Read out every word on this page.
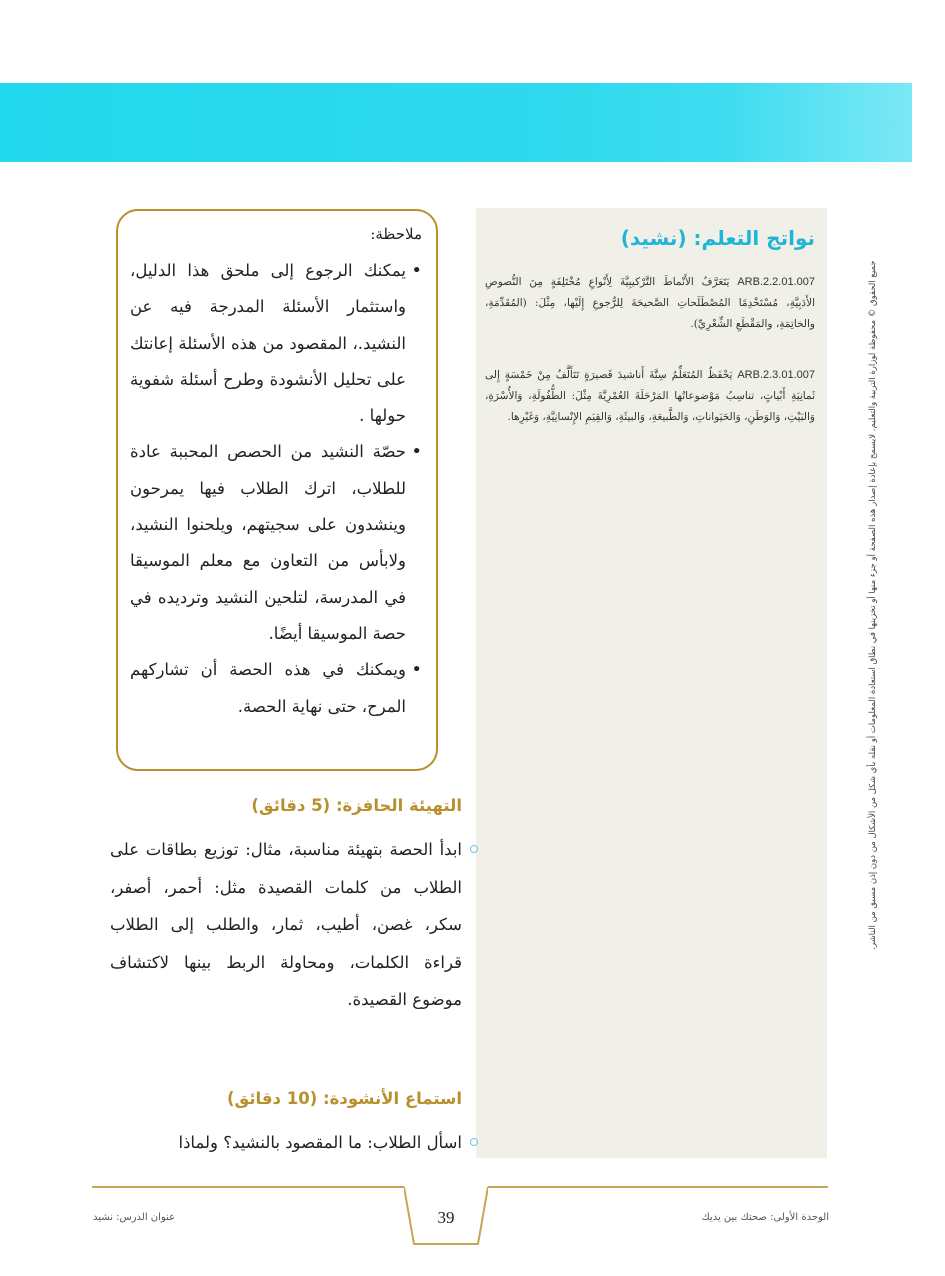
نواتج التعلم: (نشيد)
ARB.2.2.01.007 يَتَعَرَّفُ الأَنْماطَ التَّرْكيبِيَّةَ لِأَنْواعِ مُخْتَلِفَةٍ مِنَ النُّصوصِ الأَدَبِيَّةِ، مُسْتَخْدِمًا المُصْطَلَحاتِ الصَّحيحَةَ لِلرُّجوعِ إِلَيْها، مِثْلَ: (المُقَدِّمَةِ، والخاتِمَةِ، والمَقْطَعِ الشِّعْرِيِّ).
ARB.2.3.01.007 يَحْفَظُ المُتَعَلِّمُ سِتَّةَ أَناشيدَ قَصيرَةٍ تَتَأَلَّفُ مِنْ خَمْسَةٍ إِلى ثَمانِيَةِ أَبْياتٍ، تناسِبُ مَوْضوعاتُها المَرْحَلَةَ العُمْرِيَّةَ مِثْلَ: الطُّفُولَةِ، وَالأُسْرَةِ، وَالبَيْتِ، وَالوَطَنِ، وَالحَيَواناتِ، وَالطَّبيعَةِ، وَالبيئَةِ، وَالقِيَمِ الإِنْسانِيَّةِ، وَغَيْرِها.	جميع الحقوق © محفوظة لوزارة التربية والتعليم. لايسمح بإعادة إصدار هذه الصفحة أو جزء منها أو تخزينها في نطاق استعادة المعلومات أو نقله بأي شكل من الأشكال من دون إذن مسبق من الناشر.
ملاحظة:
• يمكنك الرجوع إلى ملحق هذا الدليل، واستثمار الأسئلة المدرجة فيه عن النشيد.، المقصود من هذه الأسئلة إعانتك على تحليل الأنشودة وطرح أسئلة شفوية حولها .
• حصّة النشيد من الحصص المحببة عادة للطلاب، اترك الطلاب فيها يمرحون وينشدون على سجيتهم، ويلحنوا النشيد، ولابأس من التعاون مع معلم الموسيقا في المدرسة، لتلحين النشيد وترديده في حصة الموسيقا أيضًا.
• ويمكنك في هذه الحصة أن تشاركهم المرح، حتى نهاية الحصة.
التهيئة الحافزة: (5 دقائق)
ابدأ الحصة بتهيئة مناسبة، مثال: توزيع بطاقات على الطلاب من كلمات القصيدة مثل: أحمر، أصفر، سكر، غصن، أطيب، ثمار، والطلب إلى الطلاب قراءة الكلمات، ومحاولة الربط بينها لاكتشاف موضوع القصيدة.
استماع الأنشودة: (10 دقائق)
اسأل الطلاب: ما المقصود بالنشيد؟ ولماذا
39
عنوان الدرس: نشيد	الوحدة الأولى: صحتك بين يديك
